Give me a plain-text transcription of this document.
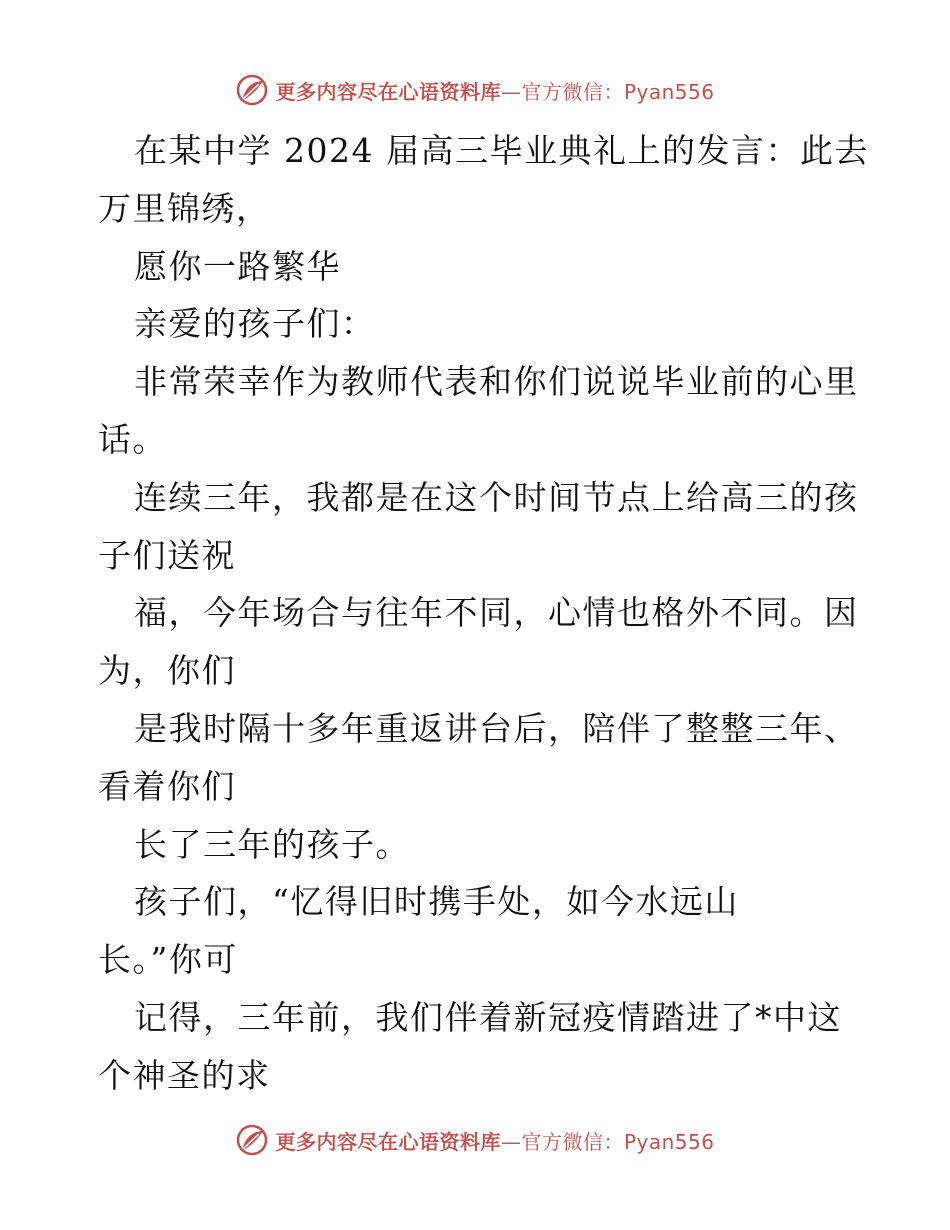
更多内容尽在心语资料库—官方微信：Pyan556
在某中学 2024 届高三毕业典礼上的发言：此去
万里锦绣，
愿你一路繁华
亲爱的孩子们：
非常荣幸作为教师代表和你们说说毕业前的心里
话。
连续三年，我都是在这个时间节点上给高三的孩
子们送祝
福，今年场合与往年不同，心情也格外不同。因
为，你们
是我时隔十多年重返讲台后，陪伴了整整三年、
看着你们
长了三年的孩子。
孩子们，“忆得旧时携手处，如今水远山
长。”你可
记得，三年前，我们伴着新冠疫情踏进了*中这
个神圣的求
更多内容尽在心语资料库—官方微信：Pyan556
